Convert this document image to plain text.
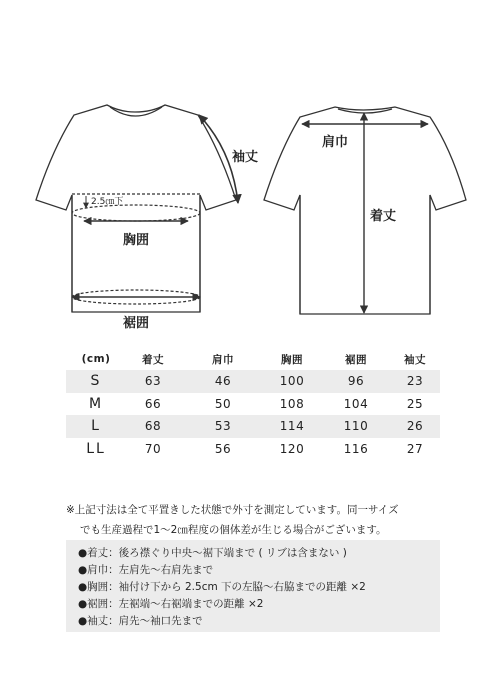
2.5㎝下
胸囲
裾囲
袖丈
肩巾
着丈
(cm)	着丈	肩巾	胸囲	裾囲	袖丈
S	63	46	100	96	23
M	66	50	108	104	25
L	68	53	114	110	26
LL	70	56	120	116	27

※上記寸法は全て平置きした状態で外寸を測定しています。同一サイズ

でも生産過程で1～2㎝程度の個体差が生じる場合がございます。

●着丈：後ろ襟ぐり中央～裾下端まで ( リブは含まない )
●肩巾：左肩先～右肩先まで
●胸囲：袖付け下から 2.5cm 下の左脇～右脇までの距離 ×2
●裾囲：左裾端～右裾端までの距離 ×2
●袖丈：肩先～袖口先まで
